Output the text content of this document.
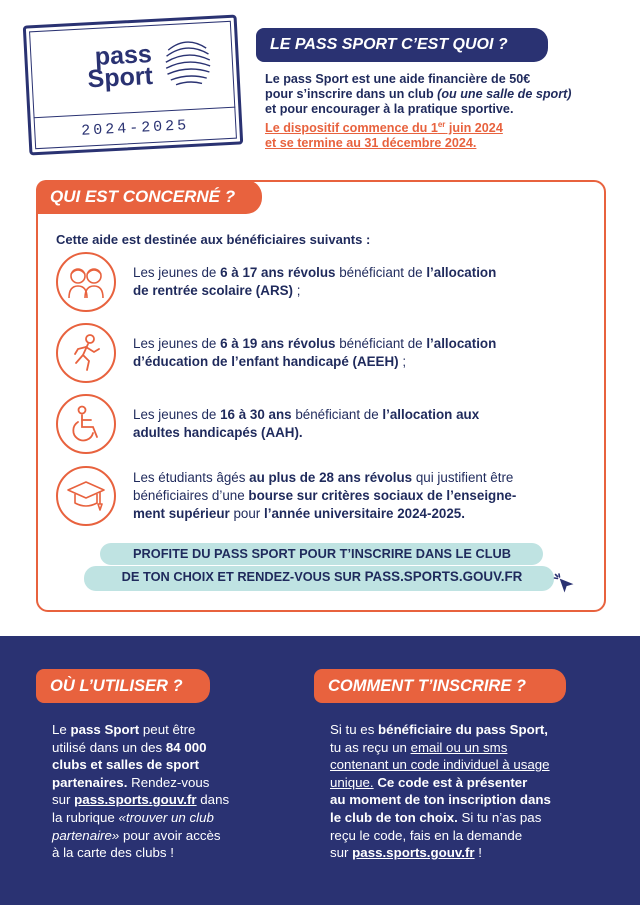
pass
Sport
2024-2025
LE PASS SPORT C’EST QUOI ?
Le pass Sport est une aide financière de 50€
pour s’inscrire dans un club (ou une salle de sport)
et pour encourager à la pratique sportive.
Le dispositif commence du 1er juin 2024
et se termine au 31 décembre 2024.
QUI EST CONCERNÉ ?
Cette aide est destinée aux bénéficiaires suivants :
Les jeunes de 6 à 17 ans révolus bénéficiant de l’allocation
de rentrée scolaire (ARS) ;
Les jeunes de 6 à 19 ans révolus bénéficiant de l’allocation
d’éducation de l’enfant handicapé (AEEH) ;
Les jeunes de 16 à 30 ans bénéficiant de l’allocation aux
adultes handicapés (AAH).
Les étudiants âgés au plus de 28 ans révolus qui justifient être
bénéficiaires d’une bourse sur critères sociaux de l’enseigne-
ment supérieur pour l’année universitaire 2024-2025.
PROFITE DU PASS SPORT POUR T’INSCRIRE DANS LE CLUB
DE TON CHOIX ET RENDEZ-VOUS SUR PASS.SPORTS.GOUV.FR
OÙ L’UTILISER ?
Le pass Sport peut être
utilisé dans un des 84 000
clubs et salles de sport
partenaires. Rendez-vous
sur pass.sports.gouv.fr dans
la rubrique «trouver un club
partenaire» pour avoir accès
à la carte des clubs !
COMMENT T’INSCRIRE ?
Si tu es bénéficiaire du pass Sport,
tu as reçu un email ou un sms
contenant un code individuel à usage
unique. Ce code est à présenter
au moment de ton inscription dans
le club de ton choix. Si tu n’as pas
reçu le code, fais en la demande
sur pass.sports.gouv.fr !
